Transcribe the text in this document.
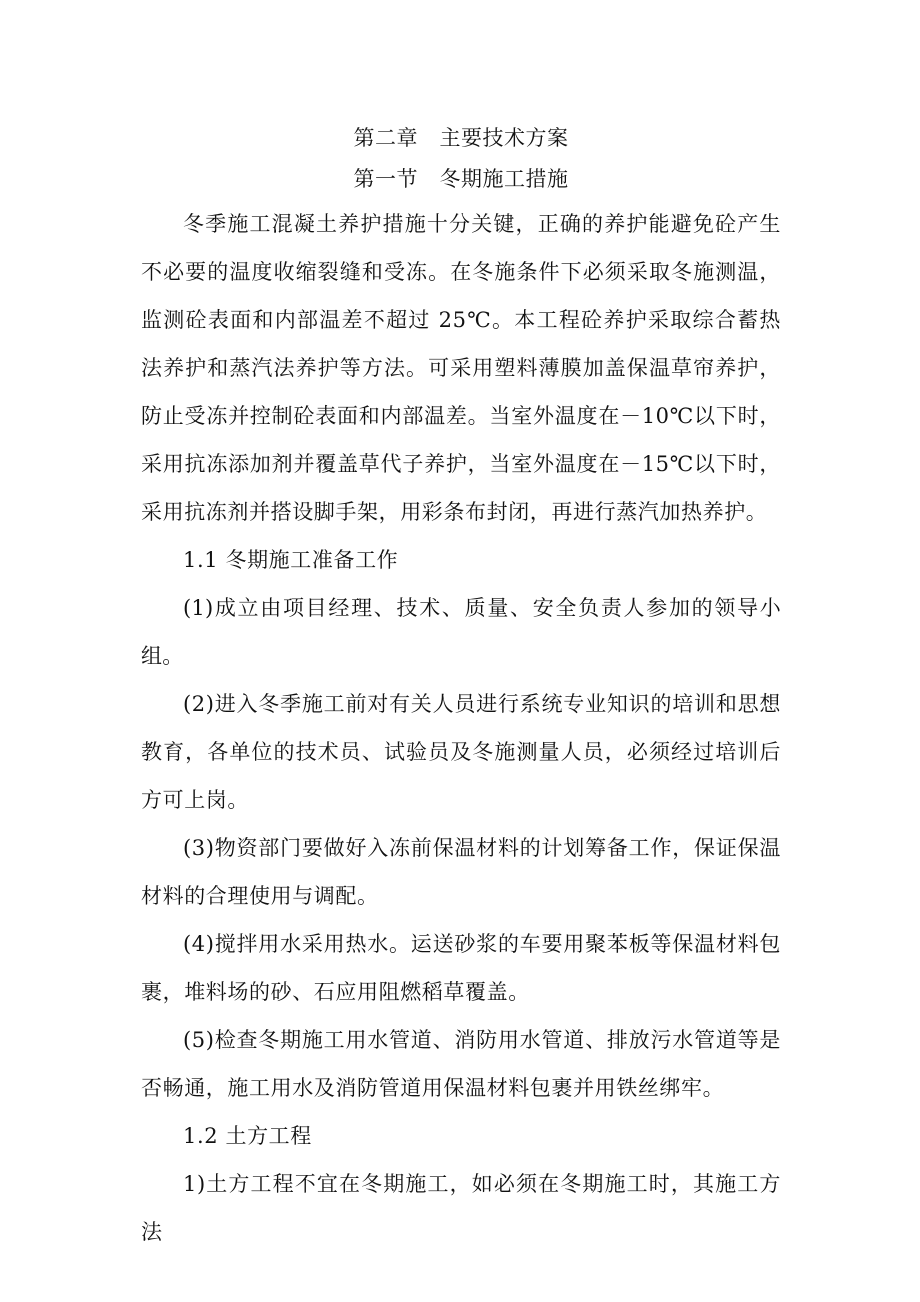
第二章　主要技术方案
第一节　冬期施工措施

冬季施工混凝土养护措施十分关键，正确的养护能避免砼产生不必要的温度收缩裂缝和受冻。在冬施条件下必须采取冬施测温，监测砼表面和内部温差不超过 25℃。本工程砼养护采取综合蓄热法养护和蒸汽法养护等方法。可采用塑料薄膜加盖保温草帘养护，防止受冻并控制砼表面和内部温差。当室外温度在－10℃以下时，采用抗冻添加剂并覆盖草代子养护，当室外温度在－15℃以下时，采用抗冻剂并搭设脚手架，用彩条布封闭，再进行蒸汽加热养护。

1.1 冬期施工准备工作

(1)成立由项目经理、技术、质量、安全负责人参加的领导小组。

(2)进入冬季施工前对有关人员进行系统专业知识的培训和思想教育，各单位的技术员、试验员及冬施测量人员，必须经过培训后方可上岗。

(3)物资部门要做好入冻前保温材料的计划筹备工作，保证保温材料的合理使用与调配。

(4)搅拌用水采用热水。运送砂浆的车要用聚苯板等保温材料包裹，堆料场的砂、石应用阻燃稻草覆盖。

(5)检查冬期施工用水管道、消防用水管道、排放污水管道等是否畅通，施工用水及消防管道用保温材料包裹并用铁丝绑牢。

1.2 土方工程

1)土方工程不宜在冬期施工，如必须在冬期施工时，其施工方法
